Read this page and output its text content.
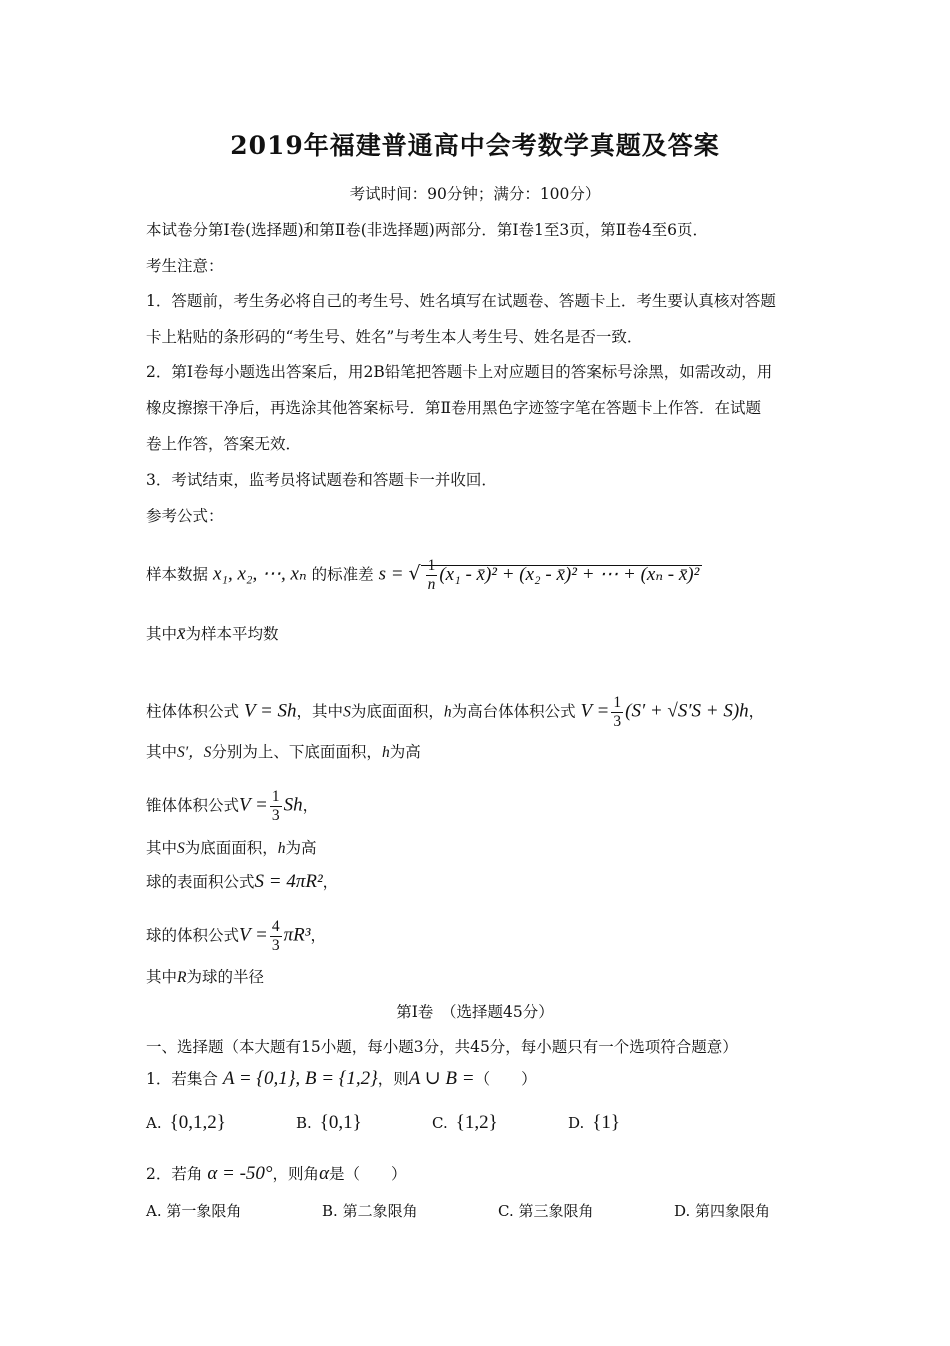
2019年福建普通高中会考数学真题及答案
考试时间：90分钟；满分：100分）
本试卷分第Ⅰ卷(选择题)和第Ⅱ卷(非选择题)两部分．第Ⅰ卷1至3页，第Ⅱ卷4至6页．
考生注意：
1．答题前，考生务必将自己的考生号、姓名填写在试题卷、答题卡上．考生要认真核对答题
卡上粘贴的条形码的“考生号、姓名”与考生本人考生号、姓名是否一致．
2．第Ⅰ卷每小题选出答案后，用2B铅笔把答题卡上对应题目的答案标号涂黑，如需改动，用
橡皮擦擦干净后，再选涂其他答案标号．第Ⅱ卷用黑色字迹签字笔在答题卡上作答．在试题
卷上作答，答案无效．
3．考试结束，监考员将试题卷和答题卡一并收回．
参考公式：
样本数据 x₁, x₂, ⋯, xₙ 的标准差 s = √ $\frac{1}{n} (x_1$ - x̄)² + (x₂ - x̄)² + ⋯ + (xₙ - x̄)²
其中x̄为样本平均数
柱体体积公式 V = Sh，其中S为底面面积，h为高台体体积公式 $V = \frac{1}{3} (S' + √S'S + S)h$，
其中S′，S分别为上、下底面面积，h为高
锥体体积公式$V = \frac{1}{3}$ Sh，
其中S为底面面积，h为高
球的表面积公式S = 4πR²，
球的体积公式$V = \frac{4}{3} \pi R^3$，
其中R为球的半径
第Ⅰ卷　（选择题45分）
一、选择题（本大题有15小题，每小题3分，共45分，每小题只有一个选项符合题意）
1．若集合 A = {0,1}, B = {1,2}，则A ∪ B =（　　）
A. {0,1,2}	B. {0,1}	C. {1,2}	D. {1}
2．若角 α = -50°，则角α是（　　）
A. 第一象限角	B. 第二象限角	C. 第三象限角	D. 第四象限角
